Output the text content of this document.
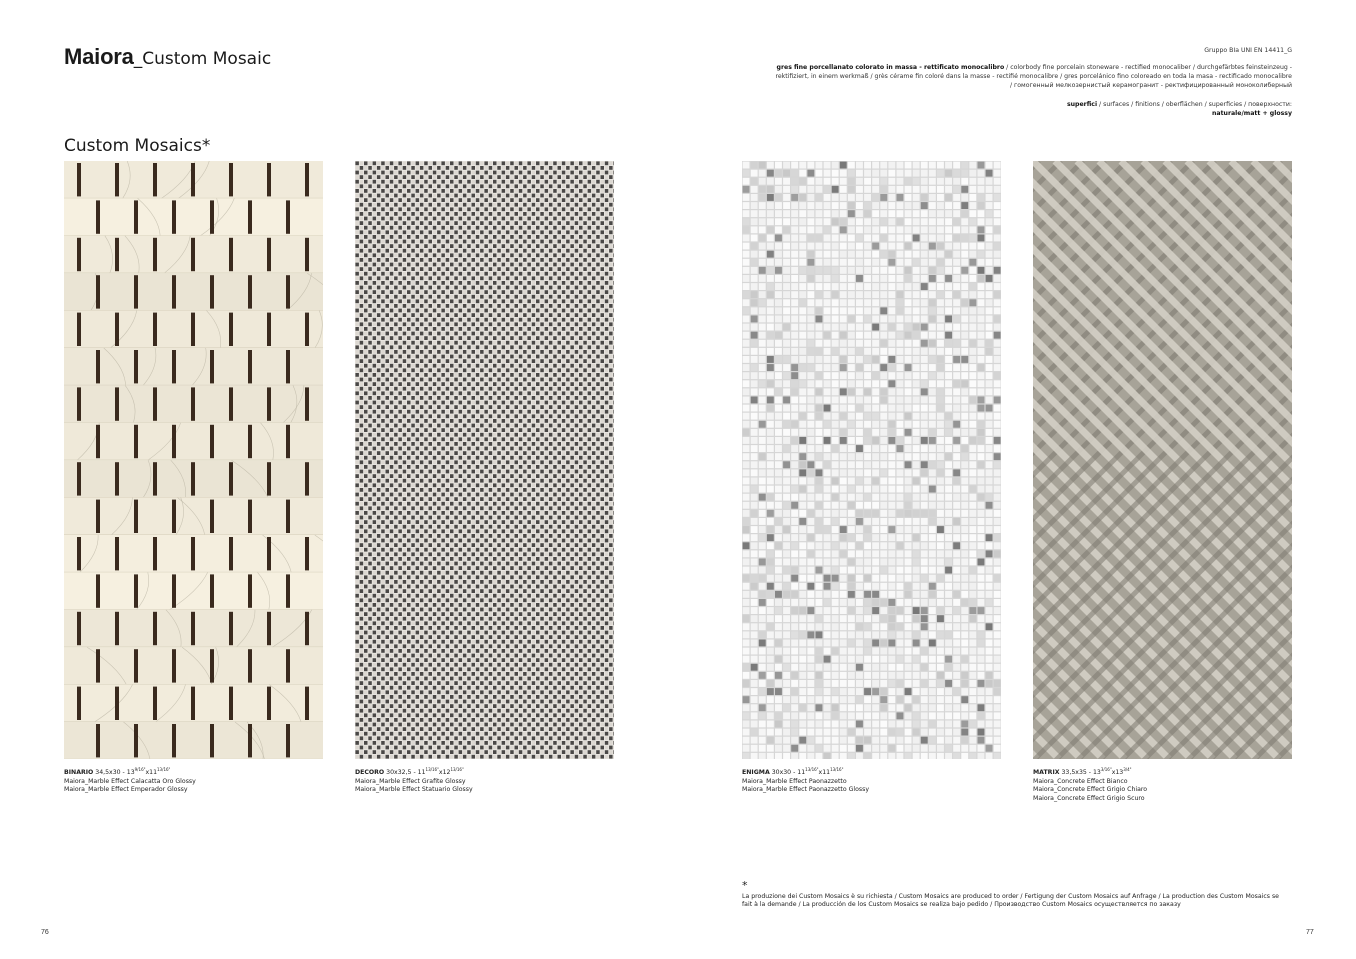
Maiora_Custom Mosaic	Gruppo BIa UNI EN 14411_G
gres fine porcellanato colorato in massa - rettificato monocalibro / colorbody fine porcelain stoneware - rectified monocaliber / durchgefärbtes feinsteinzeug - rektifiziert, in einem werkmaß / grès cérame fin coloré dans la masse - rectifié monocalibre / gres porcelánico fino coloreado en toda la masa - rectificado monocalibre / гомогенный мелкозернистый керамогранит - ректифицированный моноколиберный
superfici / surfaces / finitions / oberflächen / superficies / поверхности:
naturale/matt + glossy
Custom Mosaics*
BINARIO $34,5x30 - 13^{9/16"}x11^{13/16"}$
Maiora_Marble Effect Calacatta Oro Glossy
Maiora_Marble Effect Emperador Glossy
DECORO $30x32,5 - 11^{13/16"}x12^{13/16"}$
Maiora_Marble Effect Grafite Glossy
Maiora_Marble Effect Statuario Glossy
ENIGMA $30x30 - 11^{13/16"}x11^{13/16"}$
Maiora_Marble Effect Paonazzetto
Maiora_Marble Effect Paonazzetto Glossy
MATRIX $33,5x35 - 13^{3/16"}x13^{3/4"}$
Maiora_Concrete Effect Bianco
Maiora_Concrete Effect Grigio Chiaro
Maiora_Concrete Effect Grigio Scuro
*
La produzione dei Custom Mosaics è su richiesta / Custom Mosaics are produced to order / Fertigung der Custom Mosaics auf Anfrage / La production des Custom Mosaics se fait à la demande / La producción de los Custom Mosaics se realiza bajo pedido / Производство Custom Mosaics осуществляется по заказу
76	77
